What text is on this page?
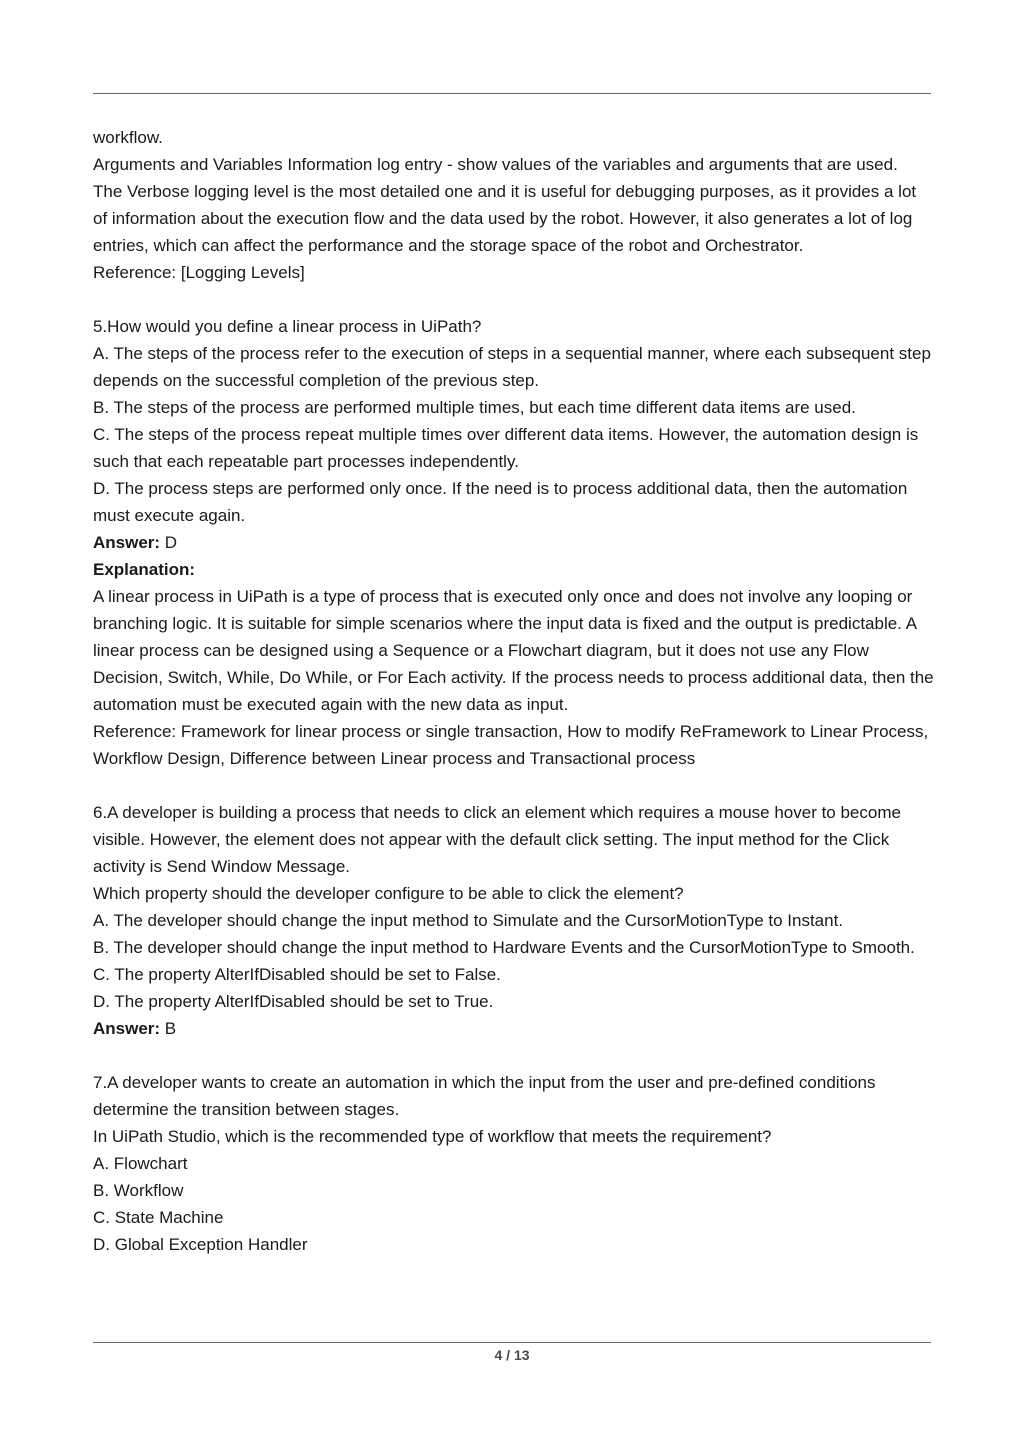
workflow.

Arguments and Variables Information log entry - show values of the variables and arguments that are used.

The Verbose logging level is the most detailed one and it is useful for debugging purposes, as it provides a lot of information about the execution flow and the data used by the robot. However, it also generates a lot of log entries, which can affect the performance and the storage space of the robot and Orchestrator.

Reference: [Logging Levels]

5.How would you define a linear process in UiPath?

A. The steps of the process refer to the execution of steps in a sequential manner, where each subsequent step depends on the successful completion of the previous step.

B. The steps of the process are performed multiple times, but each time different data items are used.

C. The steps of the process repeat multiple times over different data items. However, the automation design is such that each repeatable part processes independently.

D. The process steps are performed only once. If the need is to process additional data, then the automation must execute again.

Answer: D

Explanation:

A linear process in UiPath is a type of process that is executed only once and does not involve any looping or branching logic. It is suitable for simple scenarios where the input data is fixed and the output is predictable. A linear process can be designed using a Sequence or a Flowchart diagram, but it does not use any Flow Decision, Switch, While, Do While, or For Each activity. If the process needs to process additional data, then the automation must be executed again with the new data as input.

Reference: Framework for linear process or single transaction, How to modify ReFramework to Linear Process, Workflow Design, Difference between Linear process and Transactional process

6.A developer is building a process that needs to click an element which requires a mouse hover to become visible. However, the element does not appear with the default click setting. The input method for the Click activity is Send Window Message.

Which property should the developer configure to be able to click the element?

A. The developer should change the input method to Simulate and the CursorMotionType to Instant.

B. The developer should change the input method to Hardware Events and the CursorMotionType to Smooth.

C. The property AlterIfDisabled should be set to False.

D. The property AlterIfDisabled should be set to True.

Answer: B

7.A developer wants to create an automation in which the input from the user and pre-defined conditions determine the transition between stages.

In UiPath Studio, which is the recommended type of workflow that meets the requirement?

A. Flowchart

B. Workflow

C. State Machine

D. Global Exception Handler

4 / 13
